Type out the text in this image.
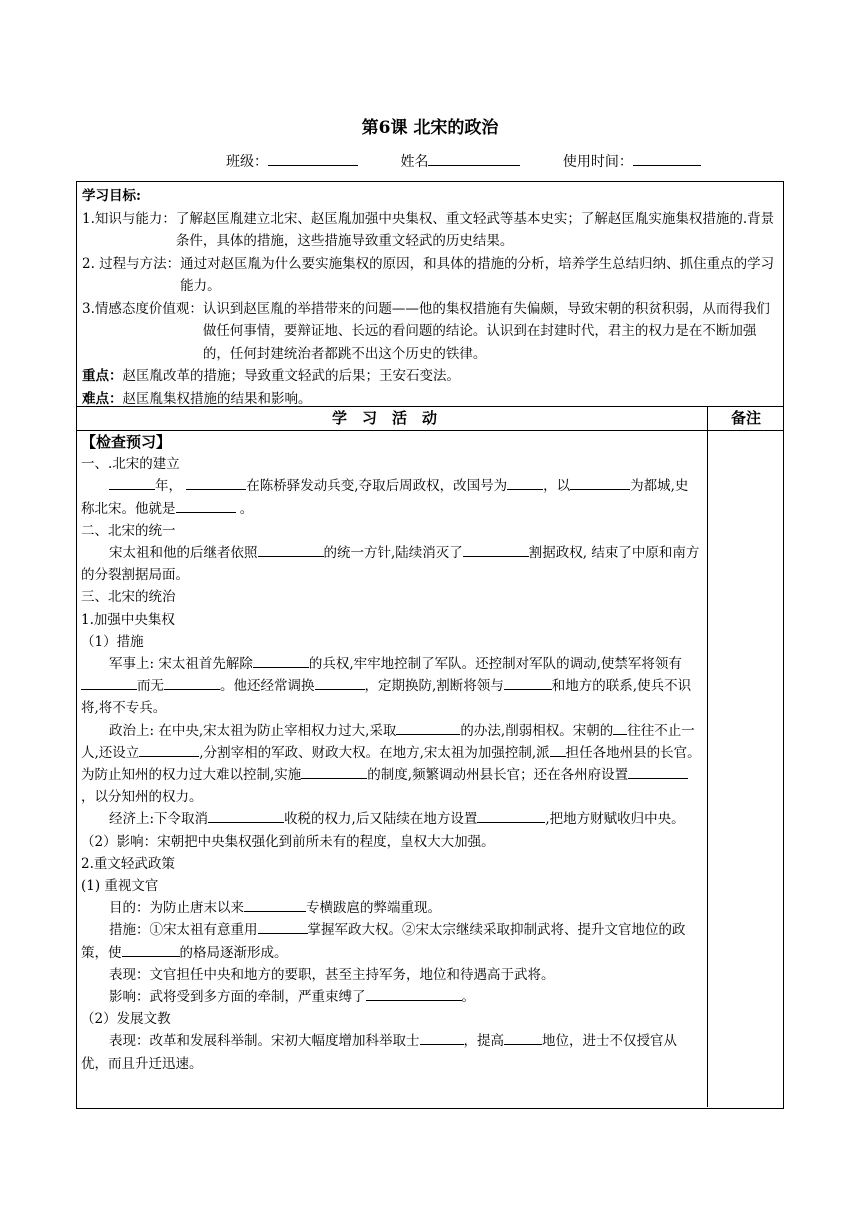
第6课 北宋的政治
班级：	姓名	使用时间：
学习目标:
1.知识与能力： 了解赵匡胤建立北宋、赵匡胤加强中央集权、重文轻武等基本史实；了解赵匡胤实施集权措施的.背景条件，具体的措施，这些措施导致重文轻武的历史结果。
2. 过程与方法： 通过对赵匡胤为什么要实施集权的原因，和具体的措施的分析，培养学生总结归纳、抓住重点的学习能力。
3.情感态度价值观： 认识到赵匡胤的举措带来的问题——他的集权措施有失偏颇，导致宋朝的积贫积弱，从而得我们做任何事情，要辩证地、长远的看问题的结论。认识到在封建时代，君主的权力是在不断加强的，任何封建统治者都跳不出这个历史的铁律。
重点：赵匡胤改革的措施；导致重文轻武的后果；王安石变法。
难点：赵匡胤集权措施的结果和影响。
学习活动	备注

【检查预习】

一、.北宋的建立

年，	在陈桥驿发动兵变,夺取后周政权，改国号为	，以	为都城,史称北宋。他就是	。

二、北宋的统一

宋太祖和他的后继者依照	的统一方针,陆续消灭了	割据政权, 结束了中原和南方的分裂割据局面。

三、北宋的统治

1.加强中央集权

（1）措施

军事上: 宋太祖首先解除	的兵权,牢牢地控制了军队。还控制对军队的调动,使禁军将领有而无	。他还经常调换	，定期换防,割断将领与	和地方的联系,使兵不识将,将不专兵。

政治上: 在中央,宋太祖为防止宰相权力过大,采取	的办法,削弱相权。宋朝的 往往不止一人,还设立	,分割宰相的军政、财政大权。在地方,宋太祖为加强控制,派 担任各地州县的长官。为防止知州的权力过大难以控制,实施	的制度,频繁调动州县长官；还在各州府设置，以分知州的权力。

经济上:下令取消	收税的权力,后又陆续在地方设置	,把地方财赋收归中央。

（2）影响：宋朝把中央集权强化到前所未有的程度，皇权大大加强。

2.重文轻武政策

(1) 重视文官

目的：为防止唐末以来	专横跋扈的弊端重现。

措施：①宋太祖有意重用	掌握军政大权。②宋太宗继续采取抑制武将、提升文官地位的政策，使	的格局逐渐形成。

表现：文官担任中央和地方的要职，甚至主持军务，地位和待遇高于武将。

影响：武将受到多方面的牵制，严重束缚了	。

（2）发展文教

表现：改革和发展科举制。宋初大幅度增加科举取士	，提高	地位，进士不仅授官从优，而且升迁迅速。
